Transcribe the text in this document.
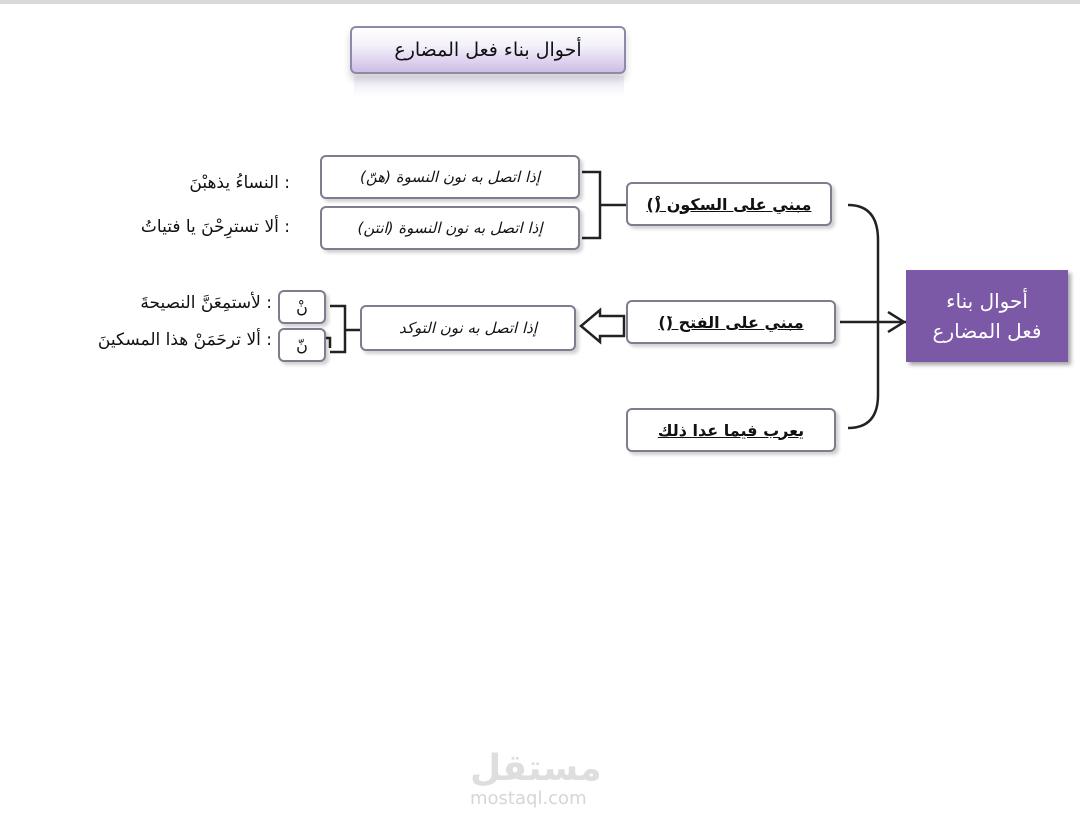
أحوال بناء فعل المضارع
أحوال بناء
فعل المضارع
مبني على السكون (ْ)
مبني على الفتح (َ)
يعرب فيما عدا ذلك
إذا اتصل به نون النسوة (هنّ)
إذا اتصل به نون النسوة (انتن)
إذا اتصل به نون التوكد
نْ
نّ
: النساءُ يذهبْنَ
: ألا تسترِحْنَ يا فتياتُ
: لأستمِعَنَّ النصيحةَ
: ألا ترحَمَنْ هذا المسكينَ
مستقل
mostaql.com
